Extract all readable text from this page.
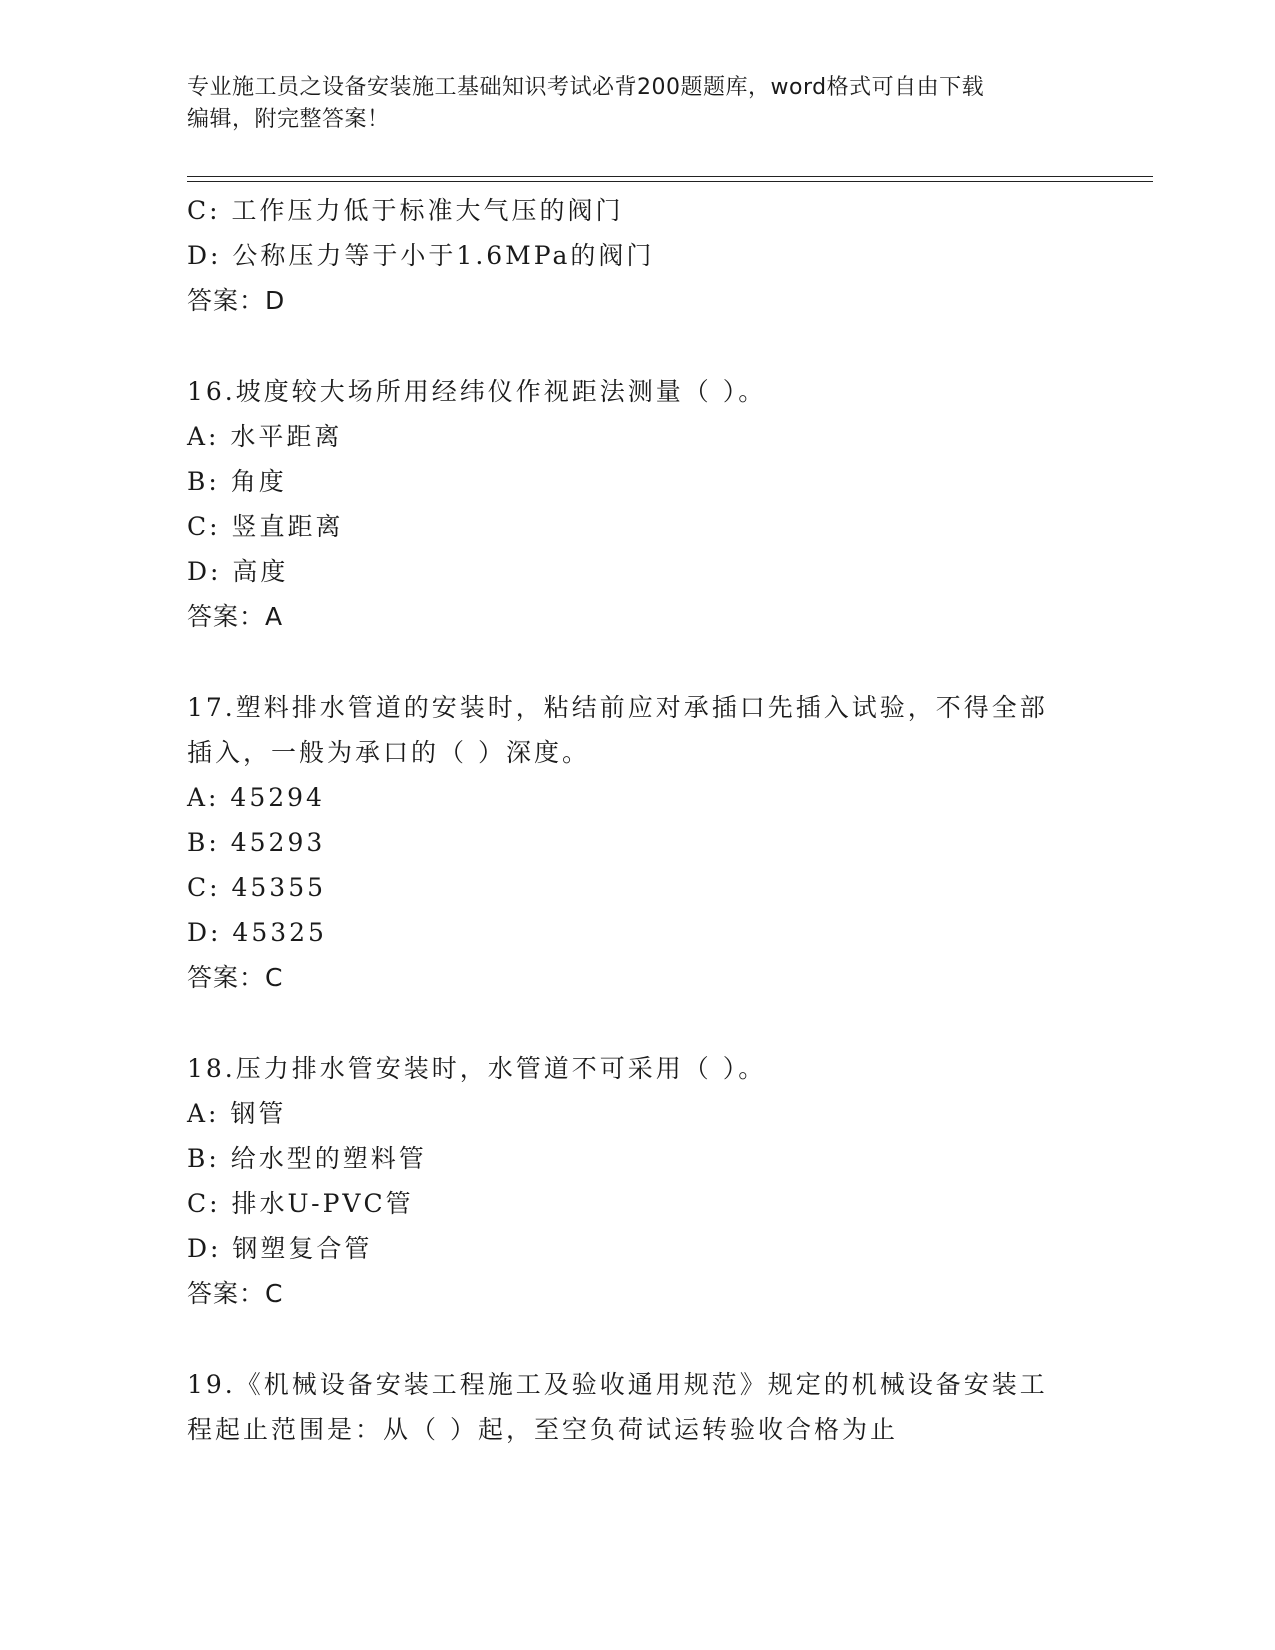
专业施工员之设备安装施工基础知识考试必背200题题库，word格式可自由下载
编辑，附完整答案！
C: 工作压力低于标准大气压的阀门
D: 公称压力等于小于1.6MPa的阀门
答案：D
16.坡度较大场所用经纬仪作视距法测量（ ）。
A: 水平距离
B: 角度
C: 竖直距离
D: 高度
答案：A
17.塑料排水管道的安装时，粘结前应对承插口先插入试验，不得全部
插入，一般为承口的（ ）深度。
A: 45294
B: 45293
C: 45355
D: 45325
答案：C
18.压力排水管安装时，水管道不可采用（ ）。
A: 钢管
B: 给水型的塑料管
C: 排水U-PVC管
D: 钢塑复合管
答案：C
19.《机械设备安装工程施工及验收通用规范》规定的机械设备安装工
程起止范围是：从（ ）起，至空负荷试运转验收合格为止
